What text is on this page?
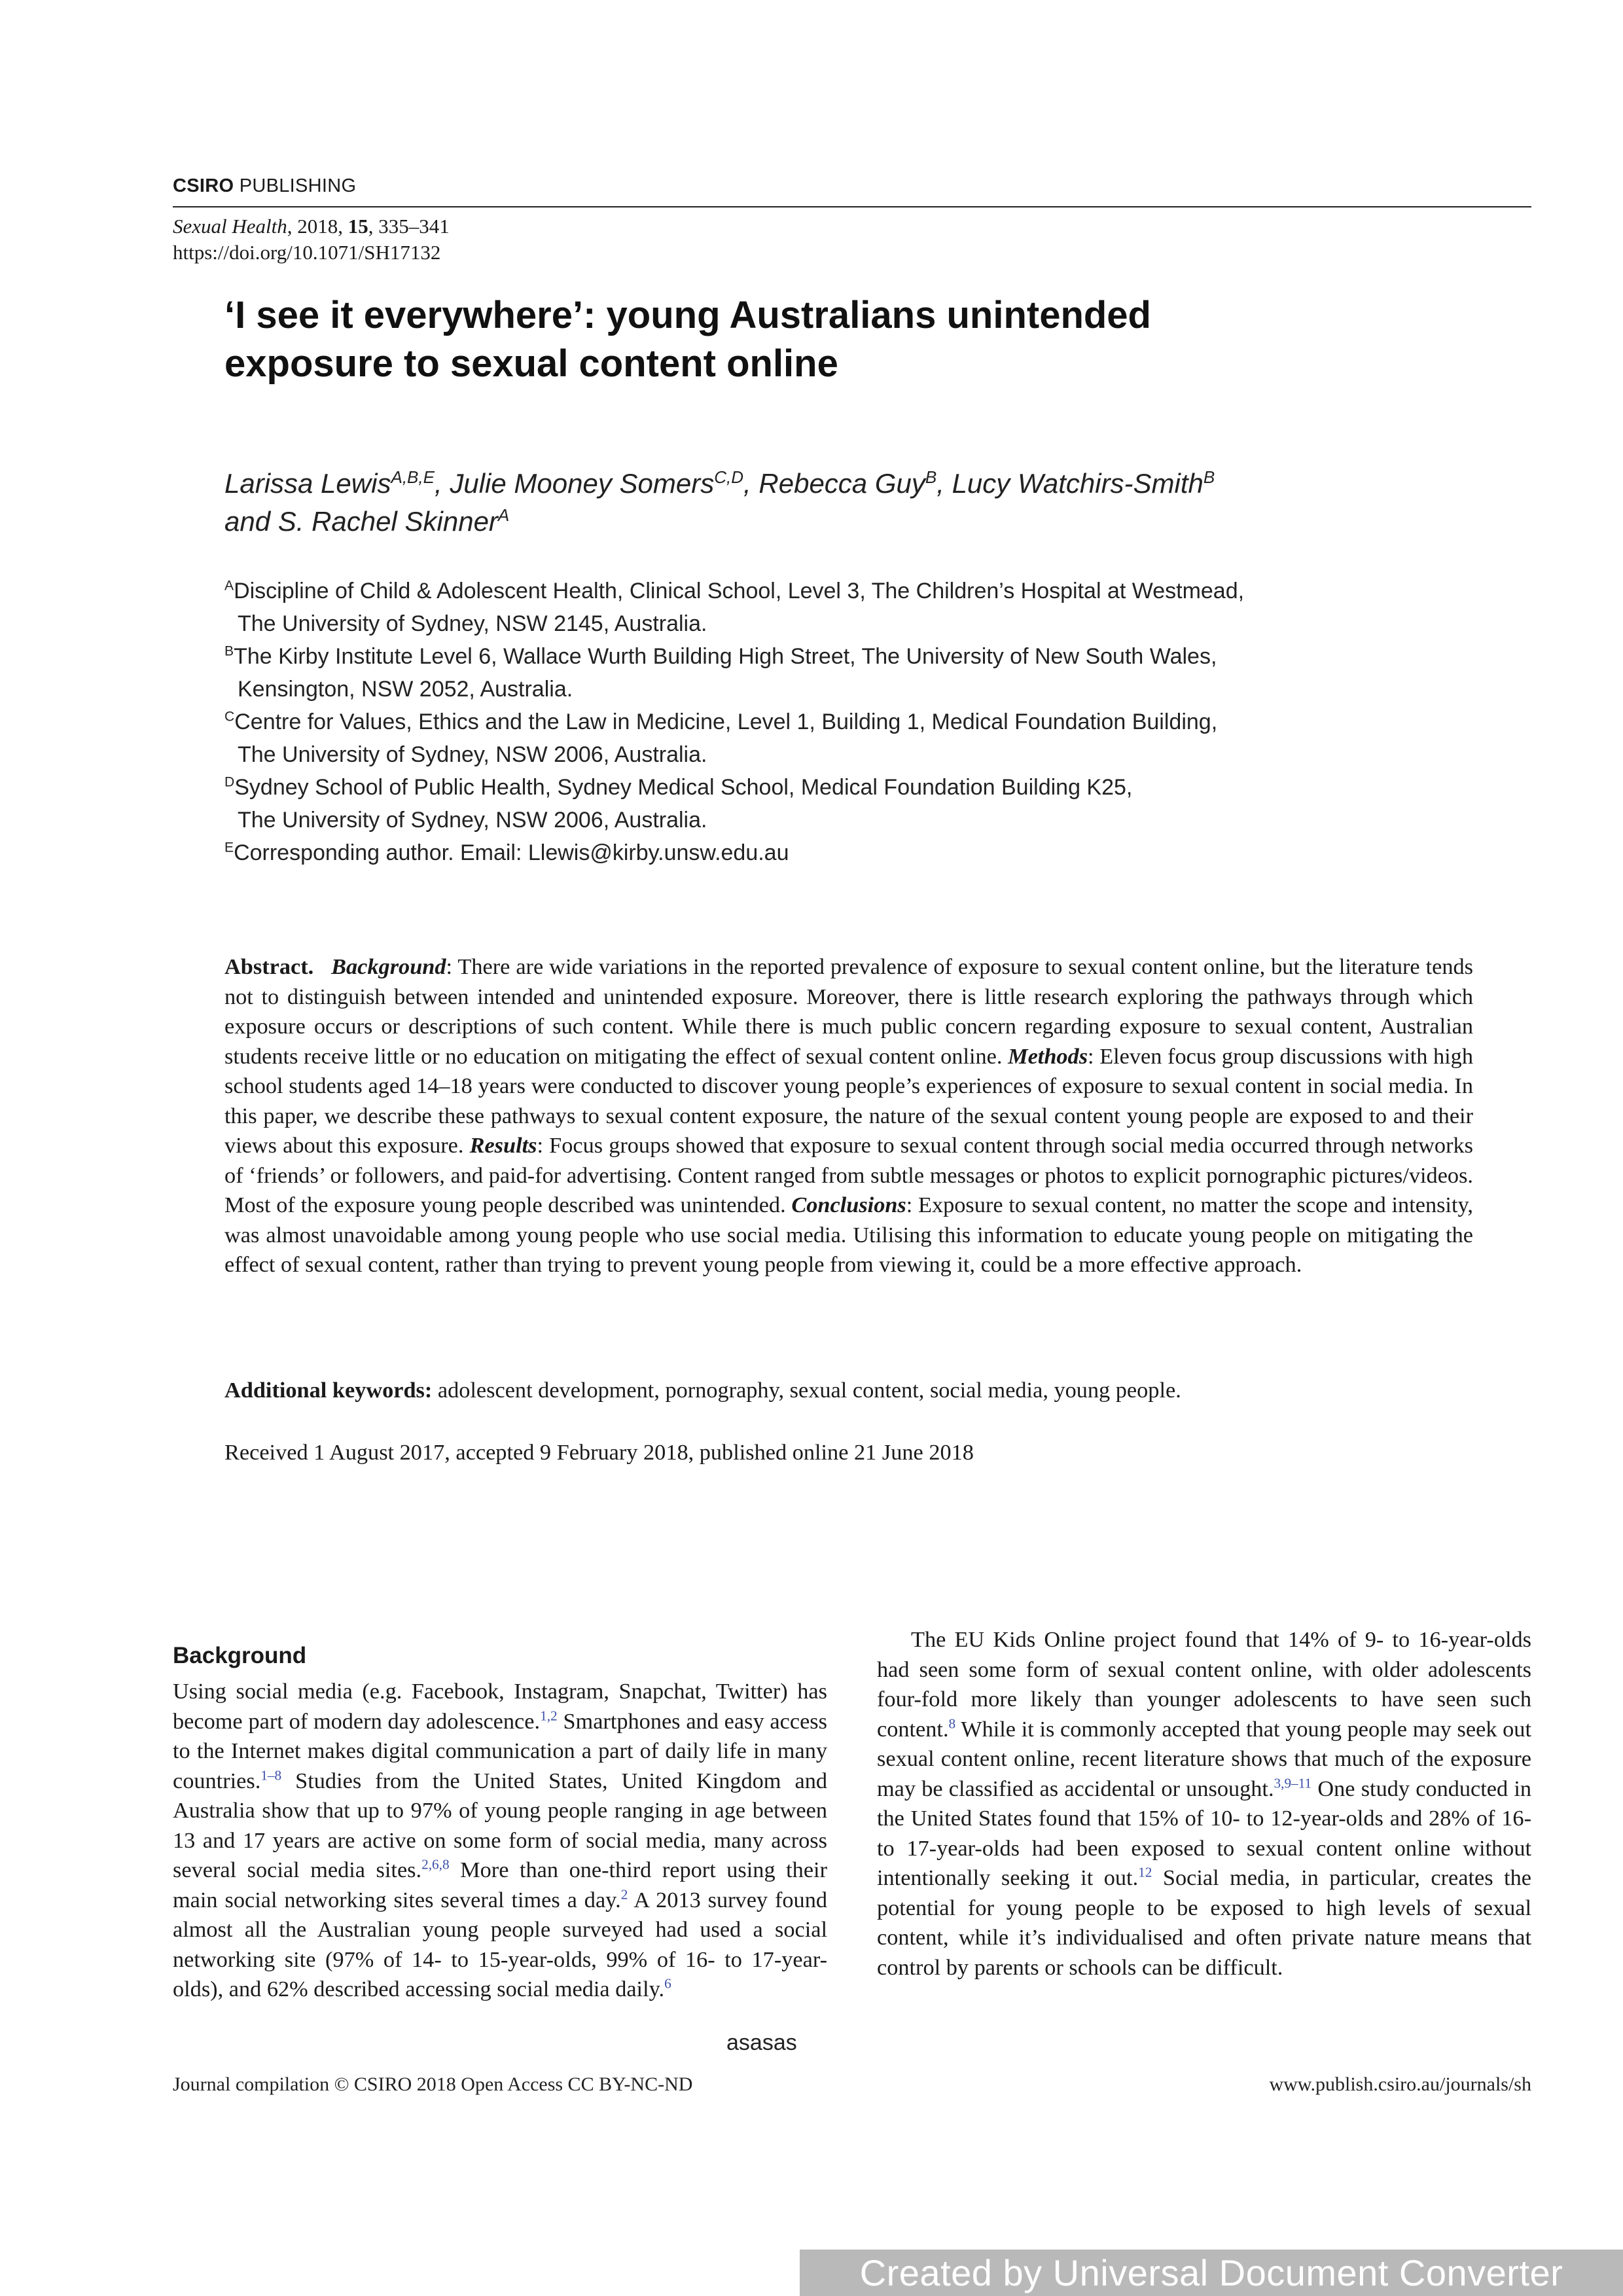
CSIRO PUBLISHING
Sexual Health, 2018, 15, 335–341
https://doi.org/10.1071/SH17132
‘I see it everywhere’: young Australians unintended
exposure to sexual content online
Larissa Lewis$^{A,B,E}$, Julie Mooney Somers$^{C,D}$, Rebecca Guy$^B$, Lucy Watchirs-Smith$^B$
and S. Rachel Skinner$^A$
$^A$Discipline of Child & Adolescent Health, Clinical School, Level 3, The Children’s Hospital at Westmead,
The University of Sydney, NSW 2145, Australia.
$^B$The Kirby Institute Level 6, Wallace Wurth Building High Street, The University of New South Wales,
Kensington, NSW 2052, Australia.
$^C$Centre for Values, Ethics and the Law in Medicine, Level 1, Building 1, Medical Foundation Building,
The University of Sydney, NSW 2006, Australia.
$^D$Sydney School of Public Health, Sydney Medical School, Medical Foundation Building K25,
The University of Sydney, NSW 2006, Australia.
$^E$Corresponding author. Email: Llewis@kirby.unsw.edu.au
Abstract. Background: There are wide variations in the reported prevalence of exposure to sexual content online, but the literature tends not to distinguish between intended and unintended exposure. Moreover, there is little research exploring the pathways through which exposure occurs or descriptions of such content. While there is much public concern regarding exposure to sexual content, Australian students receive little or no education on mitigating the effect of sexual content online. Methods: Eleven focus group discussions with high school students aged 14–18 years were conducted to discover young people’s experiences of exposure to sexual content in social media. In this paper, we describe these pathways to sexual content exposure, the nature of the sexual content young people are exposed to and their views about this exposure. Results: Focus groups showed that exposure to sexual content through social media occurred through networks of ‘friends’ or followers, and paid-for advertising. Content ranged from subtle messages or photos to explicit pornographic pictures/videos. Most of the exposure young people described was unintended. Conclusions: Exposure to sexual content, no matter the scope and intensity, was almost unavoidable among young people who use social media. Utilising this information to educate young people on mitigating the effect of sexual content, rather than trying to prevent young people from viewing it, could be a more effective approach.
Additional keywords: adolescent development, pornography, sexual content, social media, young people.
Received 1 August 2017, accepted 9 February 2018, published online 21 June 2018
Background

Using social media (e.g. Facebook, Instagram, Snapchat, Twitter) has become part of modern day adolescence.$^{1,2}$ Smartphones and easy access to the Internet makes digital communication a part of daily life in many countries.$^{1-8}$ Studies from the United States, United Kingdom and Australia show that up to 97% of young people ranging in age between 13 and 17 years are active on some form of social media, many across several social media sites.$^{2,6,8}$ More than one-third report using their main social networking sites several times a day.$^2$ A 2013 survey found almost all the Australian young people surveyed had used a social networking site (97% of 14- to 15-year-olds, 99% of 16- to 17-year-olds), and 62% described accessing social media daily.$^6$

The EU Kids Online project found that 14% of 9- to 16-year-olds had seen some form of sexual content online, with older adolescents four-fold more likely than younger adolescents to have seen such content.$^8$ While it is commonly accepted that young people may seek out sexual content online, recent literature shows that much of the exposure may be classified as accidental or unsought.$^{3,9-11}$ One study conducted in the United States found that 15% of 10- to 12-year-olds and 28% of 16- to 17-year-olds had been exposed to sexual content online without intentionally seeking it out.$^{12}$ Social media, in particular, creates the potential for young people to be exposed to high levels of sexual content, while it’s individualised and often private nature means that control by parents or schools can be difficult.

asasas
Journal compilation © CSIRO 2018 Open Access CC BY-NC-ND	www.publish.csiro.au/journals/sh
Created by Universal Document Converter
